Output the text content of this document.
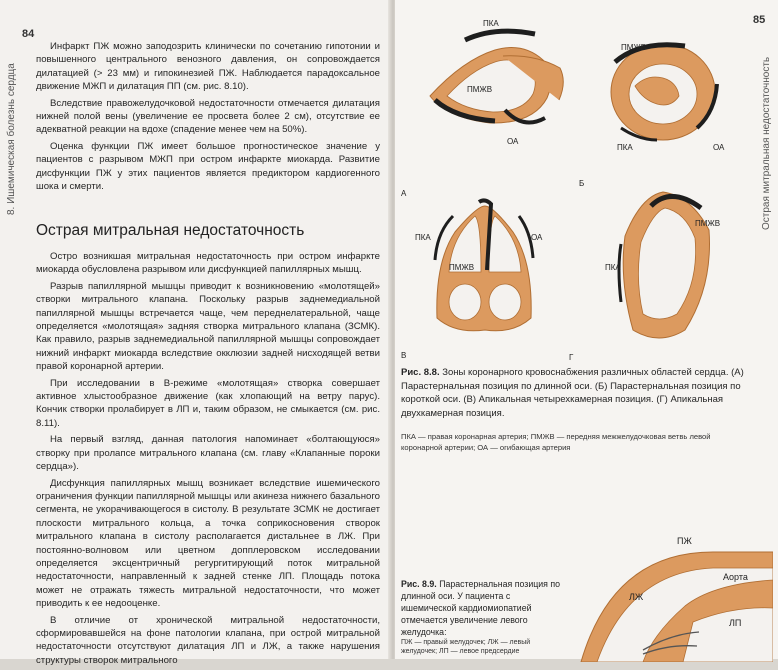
84
8. Ишемическая болезнь сердца

Инфаркт ПЖ можно заподозрить клинически по сочетанию гипотонии и повышенного центрального венозного давления, он сопровождается дилатацией (> 23 мм) и гипокинезией ПЖ. Наблюдается парадоксальное движение МЖП и дилатация ПП (см. рис. 8.10).

Вследствие правожелудочковой недостаточности отмечается дилатация нижней полой вены (увеличение ее просвета более 2 см), отсутствие ее адекватной реакции на вдохе (спадение менее чем на 50%).

Оценка функции ПЖ имеет большое прогностическое значение у пациентов с разрывом МЖП при остром инфаркте миокарда. Развитие дисфункции ПЖ у этих пациентов является предиктором кардиогенного шока и смерти.

Острая митральная недостаточность

Остро возникшая митральная недостаточность при остром инфаркте миокарда обусловлена разрывом или дисфункцией папиллярных мышц.

Разрыв папиллярной мышцы приводит к возникновению «молотящей» створки митрального клапана. Поскольку разрыв заднемедиальной папиллярной мышцы встречается чаще, чем переднелатеральной, чаще определяется «молотящая» задняя створка митрального клапана (ЗСМК). Как правило, разрыв заднемедиальной папиллярной мышцы сопровождает нижний инфаркт миокарда вследствие окклюзии задней нисходящей ветви правой коронарной артерии.

При исследовании в В-режиме «молотящая» створка совершает активное хлыстообразное движение (как хлопающий на ветру парус). Кончик створки пролабирует в ЛП и, таким образом, не смыкается (см. рис. 8.11).

На первый взгляд, данная патология напоминает «болтающуюся» створку при пролапсе митрального клапана (см. главу «Клапанные пороки сердца»).

Дисфункция папиллярных мышц возникает вследствие ишемического ограничения функции папиллярной мышцы или акинеза нижнего базального сегмента, не укорачивающегося в систолу. В результате ЗСМК не достигает плоскости митрального кольца, а точка соприкосновения створок митрального клапана в систолу располагается дистальнее в ЛЖ. При постоянно-волновом или цветном допплеровском исследовании определяется эксцентричный регургитирующий поток митральной недостаточности, направленный к задней стенке ЛП. Площадь потока может не отражать тяжесть митральной недостаточности, что может приводить к ее недооценке.

В отличие от хронической митральной недостаточности, сформировавшейся на фоне патологии клапана, при острой митральной недостаточности отсутствуют дилатация ЛП и ЛЖ, а также нарушения структуры створок митрального

85
Острая митральная недостаточность
ПКА
ПМЖВ
ОА
А
ПМЖВ
ПКА	ОА
Б
ПКА
ПМЖВ
ОА
В
ПМЖВ
ПКА
Г
Рис. 8.8. Зоны коронарного кровоснабжения различных областей сердца. (А) Парастернальная позиция по длинной оси. (Б) Парастернальная позиция по короткой оси. (В) Апикальная четырехкамерная позиция. (Г) Апикальная двухкамерная позиция.
ПКА — правая коронарная артерия; ПМЖВ — передняя межжелудочковая ветвь левой коронарной артерии; ОА — огибающая артерия
Рис. 8.9. Парастернальная позиция по длинной оси. У пациента с ишемической кардиомиопатией отмечается увеличение левого желудочка:
ПЖ — правый желудочек; ЛЖ — левый желудочек; ЛП — левое предсердие
ПЖ
Аорта
ЛЖ
ЛП
